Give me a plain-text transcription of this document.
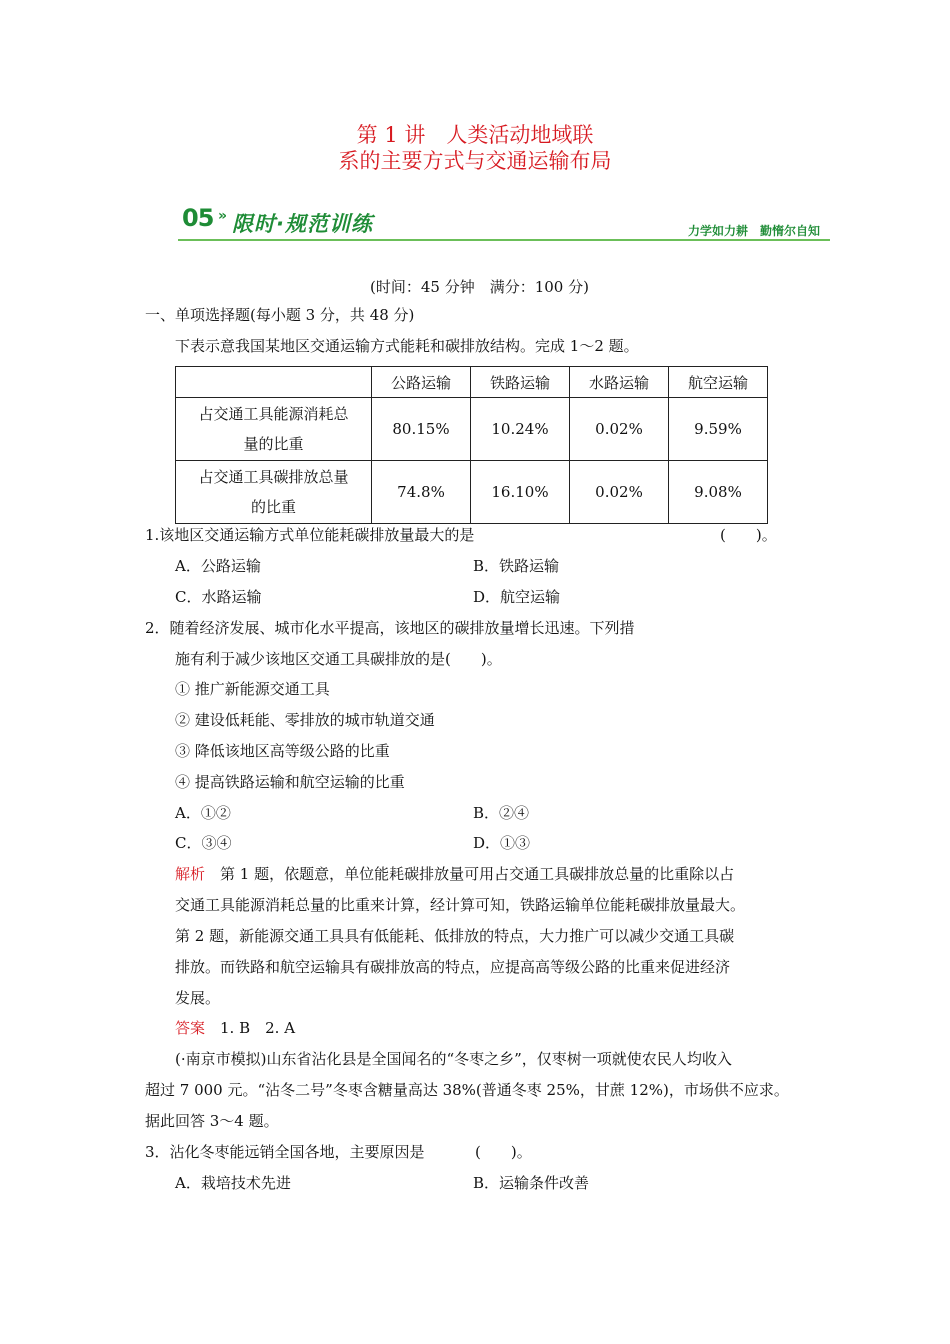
第 1 讲　人类活动地域联
系的主要方式与交通运输布局
05 » 限时·规范训练	力学如力耕　勤惰尔自知
(时间：45 分钟　满分：100 分)
一、单项选择题(每小题 3 分，共 48 分)
下表示意我国某地区交通运输方式能耗和碳排放结构。完成 1～2 题。
	公路运输	铁路运输	水路运输	航空运输
占交通工具能源消耗总
量的比重	80.15%	10.24%	0.02%	9.59%
占交通工具碳排放总量
的比重	74.8%	16.10%	0.02%	9.08%
1.该地区交通运输方式单位能耗碳排放量最大的是	(　　)。
A．公路运输	B．铁路运输
C．水路运输	D．航空运输
2．随着经济发展、城市化水平提高，该地区的碳排放量增长迅速。下列措
施有利于减少该地区交通工具碳排放的是(　　)。
① 推广新能源交通工具
② 建设低耗能、零排放的城市轨道交通
③ 降低该地区高等级公路的比重
④ 提高铁路运输和航空运输的比重
A．①②	B．②④
C．③④	D．①③
解析　第 1 题，依题意，单位能耗碳排放量可用占交通工具碳排放总量的比重除以占
交通工具能源消耗总量的比重来计算，经计算可知，铁路运输单位能耗碳排放量最大。
第 2 题，新能源交通工具具有低能耗、低排放的特点，大力推广可以减少交通工具碳
排放。而铁路和航空运输具有碳排放高的特点，应提高高等级公路的比重来促进经济
发展。
答案　1. B　2. A
(·南京市模拟)山东省沾化县是全国闻名的“冬枣之乡”，仅枣树一项就使农民人均收入
超过 7 000 元。“沾冬二号”冬枣含糖量高达 38%(普通冬枣 25%，甘蔗 12%)，市场供不应求。
据此回答 3～4 题。
3．沾化冬枣能远销全国各地，主要原因是	(　　)。
A．栽培技术先进	B．运输条件改善
